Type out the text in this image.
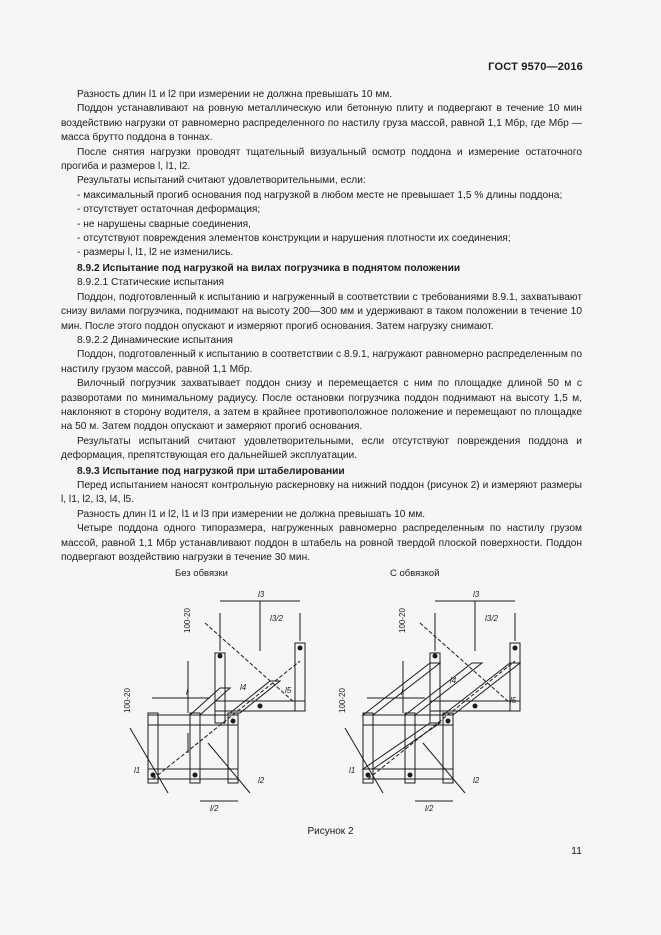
ГОСТ 9570—2016

Разность длин l1 и l2 при измерении не должна превышать 10 мм.

Поддон устанавливают на ровную металлическую или бетонную плиту и подвергают в течение 10 мин воздействию нагрузки от равномерно распределенного по настилу груза массой, равной 1,1 Мбр, где Мбр — масса брутто поддона в тоннах.

После снятия нагрузки проводят тщательный визуальный осмотр поддона и измерение остаточного прогиба и размеров l, l1, l2.

Результаты испытаний считают удовлетворительными, если:

- максимальный прогиб основания под нагрузкой в любом месте не превышает 1,5 % длины поддона;

- отсутствует остаточная деформация;

- не нарушены сварные соединения,

- отсутствуют повреждения элементов конструкции и нарушения плотности их соединения;

- размеры l, l1, l2 не изменились.

8.9.2 Испытание под нагрузкой на вилах погрузчика в поднятом положении

8.9.2.1 Статические испытания

Поддон, подготовленный к испытанию и нагруженный в соответствии с требованиями 8.9.1, захватывают снизу вилами погрузчика, поднимают на высоту 200—300 мм и удерживают в таком положении в течение 10 мин. После этого поддон опускают и измеряют прогиб основания. Затем нагрузку снимают.

8.9.2.2 Динамические испытания

Поддон, подготовленный к испытанию в соответствии с 8.9.1, нагружают равномерно распределенным по настилу грузом массой, равной 1,1 Мбр.

Вилочный погрузчик захватывает поддон снизу и перемещается с ним по площадке длиной 50 м с разворотами по минимальному радиусу. После остановки погрузчика поддон поднимают на высоту 1,5 м, наклоняют в сторону водителя, а затем в крайнее противоположное положение и перемещают по площадке на 50 м. Затем поддон опускают и замеряют прогиб основания.

Результаты испытаний считают удовлетворительными, если отсутствуют повреждения поддона и деформация, препятствующая его дальнейшей эксплуатации.

8.9.3 Испытание под нагрузкой при штабелировании

Перед испытанием наносят контрольную раскерновку на нижний поддон (рисунок 2) и измеряют размеры l, l1, l2, l3, l4, l5.

Разность длин l1 и l2, l1 и l3 при измерении не должна превышать 10 мм.

Четыре поддона одного типоразмера, нагруженных равномерно распределенным по настилу грузом массой, равной 1,1 Мбр устанавливают поддон в штабель на ровной твердой плоской поверхности. Поддон подвергают воздействию нагрузки в течение 30 мин.

Без обвязки	С обвязкой
l3
l3/2
l
l4	l5
l1
l2
l/2
100-20
100-20
l3
l3/2
l
l4
l5
l1
l2
l/2
100-20
100-20
Рисунок 2
11
